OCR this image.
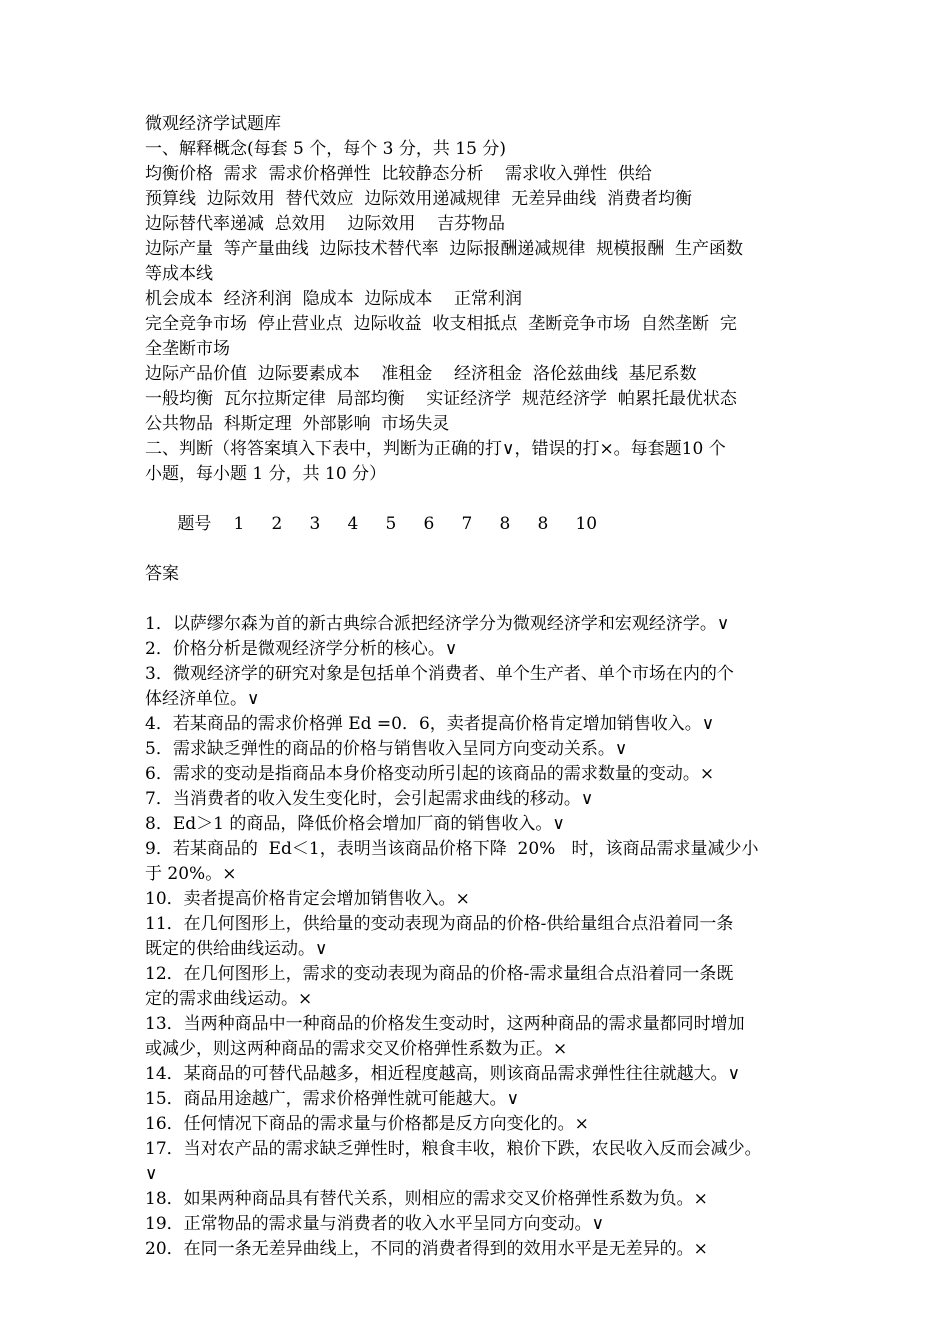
微观经济学试题库
一、解释概念(每套 5 个，每个 3 分，共 15 分)
均衡价格  需求  需求价格弹性  比较静态分析    需求收入弹性  供给
预算线  边际效用  替代效应  边际效用递减规律  无差异曲线  消费者均衡
边际替代率递减  总效用    边际效用    吉芬物品
边际产量  等产量曲线  边际技术替代率  边际报酬递减规律  规模报酬  生产函数
等成本线
机会成本  经济利润  隐成本  边际成本    正常利润
完全竞争市场  停止营业点  边际收益  收支相抵点  垄断竞争市场  自然垄断  完
全垄断市场
边际产品价值  边际要素成本    准租金    经济租金  洛伦兹曲线  基尼系数
一般均衡  瓦尔拉斯定律  局部均衡    实证经济学  规范经济学  帕累托最优状态
公共物品  科斯定理  外部影响  市场失灵
二、判断（将答案填入下表中，判断为正确的打∨，错误的打×。每套题10 个
小题，每小题 1 分，共 10 分）

题号 1 2 3 4 5 6 7 8 8 10

答案
1．以萨缪尔森为首的新古典综合派把经济学分为微观经济学和宏观经济学。∨
2．价格分析是微观经济学分析的核心。∨
3．微观经济学的研究对象是包括单个消费者、单个生产者、单个市场在内的个
体经济单位。∨
4．若某商品的需求价格弹 Ed =0．6，卖者提高价格肯定增加销售收入。∨
5．需求缺乏弹性的商品的价格与销售收入呈同方向变动关系。∨
6．需求的变动是指商品本身价格变动所引起的该商品的需求数量的变动。×
7．当消费者的收入发生变化时，会引起需求曲线的移动。∨
8．Ed＞1 的商品，降低价格会增加厂商的销售收入。∨
9．若某商品的  Ed＜1，表明当该商品价格下降  20%   时，该商品需求量减少小
于 20%。×
10．卖者提高价格肯定会增加销售收入。×
11．在几何图形上，供给量的变动表现为商品的价格-供给量组合点沿着同一条
既定的供给曲线运动。∨
12．在几何图形上，需求的变动表现为商品的价格-需求量组合点沿着同一条既
定的需求曲线运动。×
13．当两种商品中一种商品的价格发生变动时，这两种商品的需求量都同时增加
或减少，则这两种商品的需求交叉价格弹性系数为正。×
14．某商品的可替代品越多，相近程度越高，则该商品需求弹性往往就越大。∨
15．商品用途越广，需求价格弹性就可能越大。∨
16．任何情况下商品的需求量与价格都是反方向变化的。×
17．当对农产品的需求缺乏弹性时，粮食丰收，粮价下跌，农民收入反而会减少。
∨
18．如果两种商品具有替代关系，则相应的需求交叉价格弹性系数为负。×
19．正常物品的需求量与消费者的收入水平呈同方向变动。∨
20．在同一条无差异曲线上，不同的消费者得到的效用水平是无差异的。×
